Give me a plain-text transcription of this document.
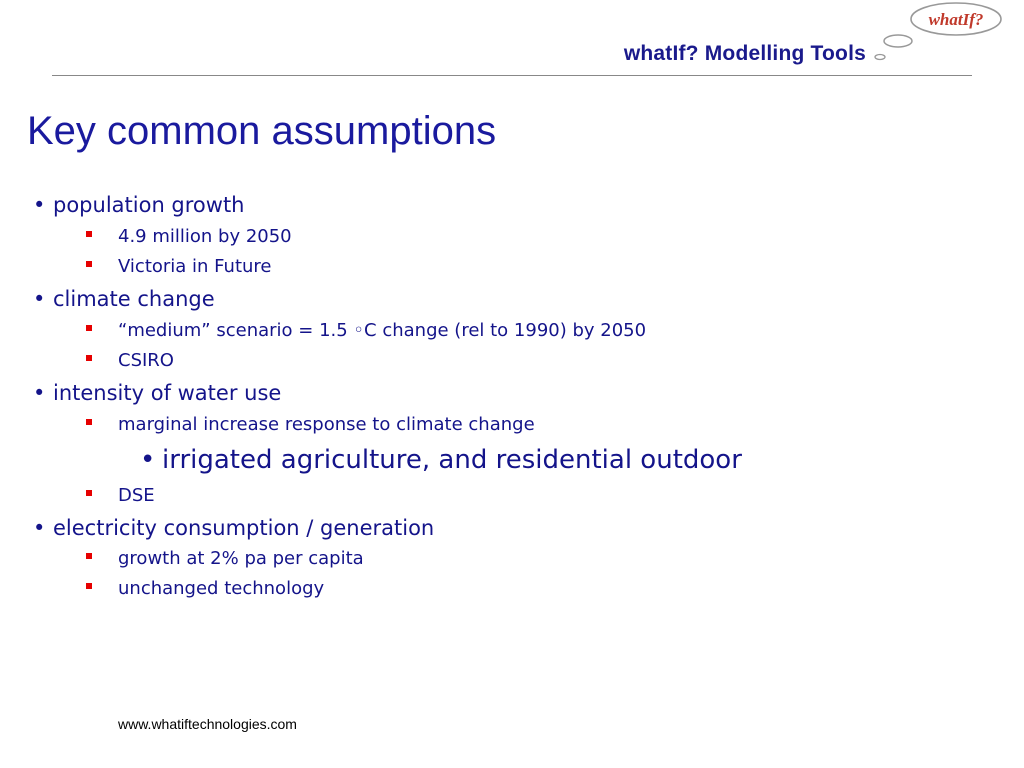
whatIf? Modelling Tools
whatIf?
Key common assumptions
• population growth
4.9 million by 2050
Victoria in Future
• climate change
“medium” scenario = 1.5 ◦C change (rel to 1990) by 2050
CSIRO
• intensity of water use
marginal increase response to climate change
• irrigated agriculture, and residential outdoor
DSE
• electricity consumption / generation
growth at 2% pa per capita
unchanged technology
www.whatiftechnologies.com
